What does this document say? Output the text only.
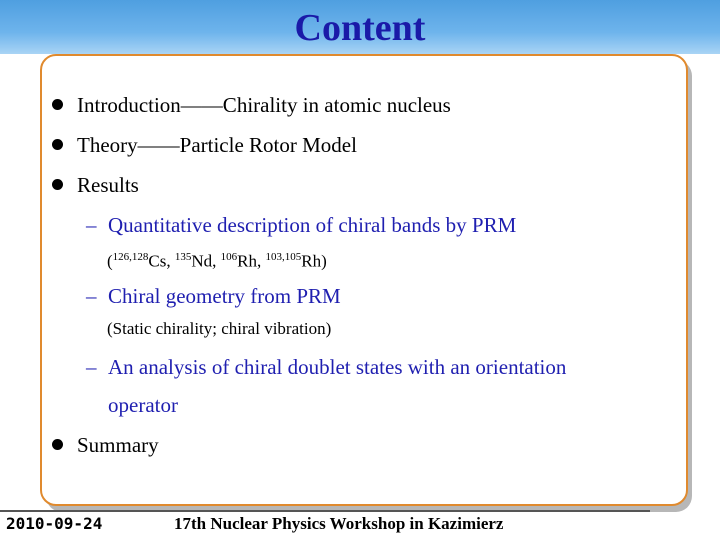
Content
Introduction——Chirality in atomic nucleus
Theory——Particle Rotor Model
Results
– Quantitative description of chiral bands by PRM
($^{126,128}$Cs, $^{135}$Nd, $^{106}$Rh, $^{103,105}$Rh)
– Chiral geometry from PRM
(Static chirality; chiral vibration)
– An analysis of chiral doublet states with an orientation
operator
Summary
2010-09-24	17th Nuclear Physics Workshop in Kazimierz
